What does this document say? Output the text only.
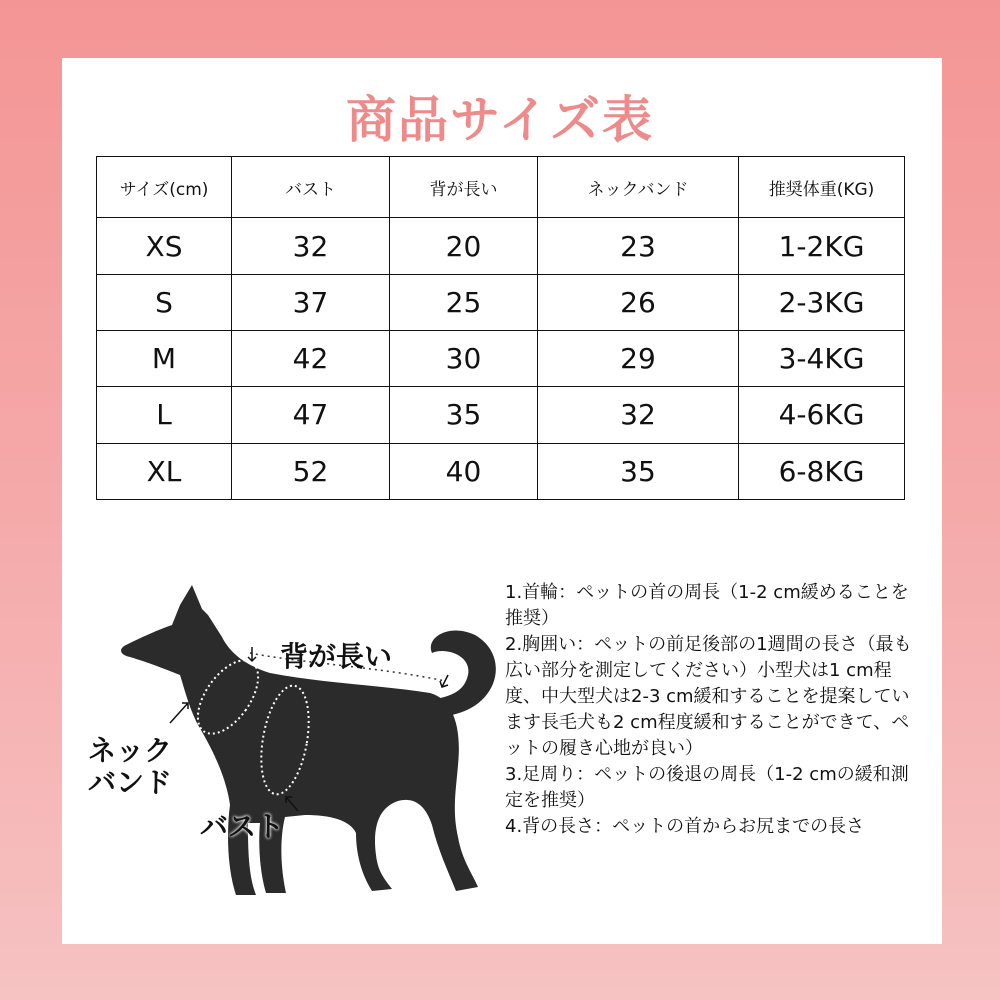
商品サイズ表
サイズ(cm)	バスト	背が長い	ネックバンド	推奨体重(KG)
XS	32	20	23	1-2KG
S	37	25	26	2-3KG
M	42	30	29	3-4KG
L	47	35	32	4-6KG
XL	52	40	35	6-8KG
背が長い
ネック
バンド
バスト

1.首輪：ペットの首の周長（1-2 cm緩めることを推奨）

2.胸囲い：ペットの前足後部の1週間の長さ（最も広い部分を測定してください）小型犬は1 cm程度、中大型犬は2-3 cm緩和することを提案しています長毛犬も2 cm程度緩和することができて、ペットの履き心地が良い）

3.足周り：ペットの後退の周長（1-2 cmの緩和測定を推奨）

4.背の長さ：ペットの首からお尻までの長さ
